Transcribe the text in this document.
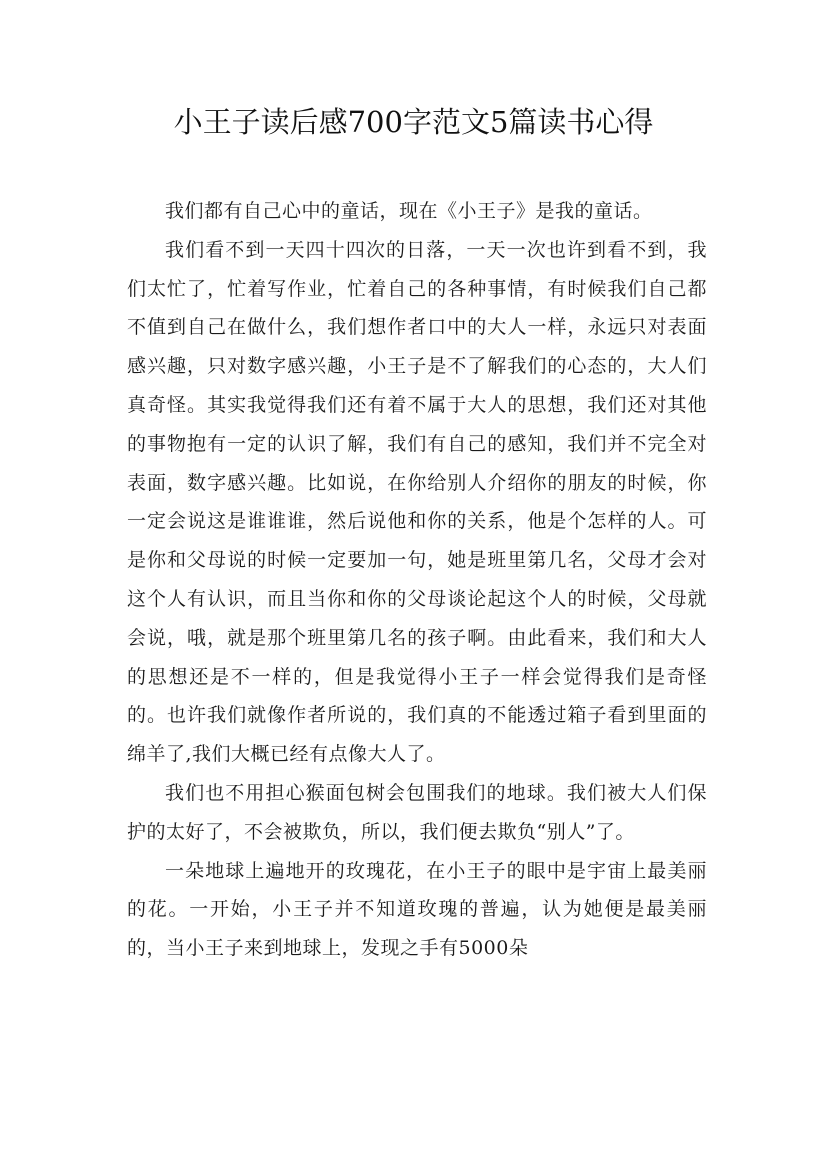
小王子读后感700字范文5篇读书心得

我们都有自己心中的童话，现在《小王子》是我的童话。

我们看不到一天四十四次的日落，一天一次也许到看不到，我们太忙了，忙着写作业，忙着自己的各种事情，有时候我们自己都不值到自己在做什么，我们想作者口中的大人一样，永远只对表面感兴趣，只对数字感兴趣，小王子是不了解我们的心态的，大人们真奇怪。其实我觉得我们还有着不属于大人的思想，我们还对其他的事物抱有一定的认识了解，我们有自己的感知，我们并不完全对表面，数字感兴趣。比如说，在你给别人介绍你的朋友的时候，你一定会说这是谁谁谁，然后说他和你的关系，他是个怎样的人。可是你和父母说的时候一定要加一句，她是班里第几名，父母才会对这个人有认识，而且当你和你的父母谈论起这个人的时候，父母就会说，哦，就是那个班里第几名的孩子啊。由此看来，我们和大人的思想还是不一样的，但是我觉得小王子一样会觉得我们是奇怪的。也许我们就像作者所说的，我们真的不能透过箱子看到里面的绵羊了,我们大概已经有点像大人了。

我们也不用担心猴面包树会包围我们的地球。我们被大人们保护的太好了，不会被欺负，所以，我们便去欺负“别人”了。

一朵地球上遍地开的玫瑰花，在小王子的眼中是宇宙上最美丽的花。一开始，小王子并不知道玫瑰的普遍，认为她便是最美丽的，当小王子来到地球上，发现之手有5000朵
